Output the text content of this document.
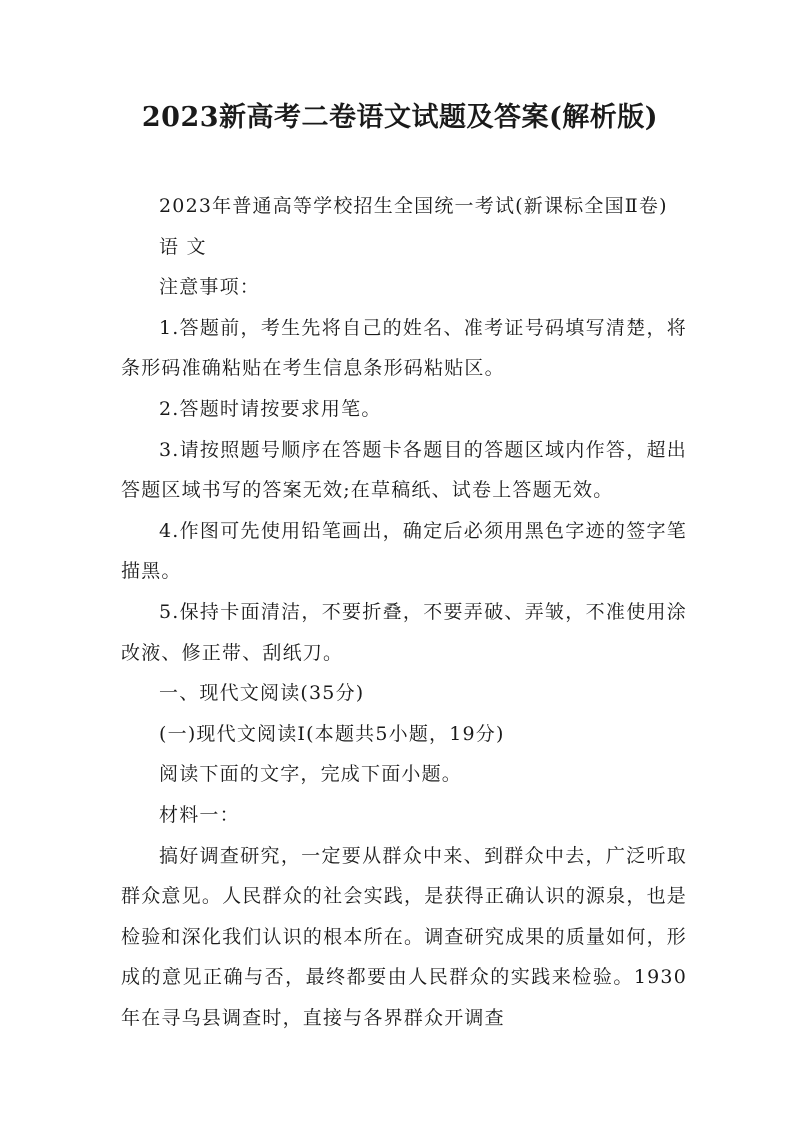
2023新高考二卷语文试题及答案(解析版)

2023年普通高等学校招生全国统一考试(新课标全国Ⅱ卷)

语 文

注意事项：

1.答题前，考生先将自己的姓名、准考证号码填写清楚，将条形码准确粘贴在考生信息条形码粘贴区。

2.答题时请按要求用笔。

3.请按照题号顺序在答题卡各题目的答题区域内作答，超出答题区域书写的答案无效;在草稿纸、试卷上答题无效。

4.作图可先使用铅笔画出，确定后必须用黑色字迹的签字笔描黑。

5.保持卡面清洁，不要折叠，不要弄破、弄皱，不准使用涂改液、修正带、刮纸刀。

一、现代文阅读(35分)

(一)现代文阅读Ⅰ(本题共5小题，19分)

阅读下面的文字，完成下面小题。

材料一：

搞好调查研究，一定要从群众中来、到群众中去，广泛听取群众意见。人民群众的社会实践，是获得正确认识的源泉，也是检验和深化我们认识的根本所在。调查研究成果的质量如何，形成的意见正确与否，最终都要由人民群众的实践来检验。1930年在寻乌县调查时，直接与各界群众开调查
